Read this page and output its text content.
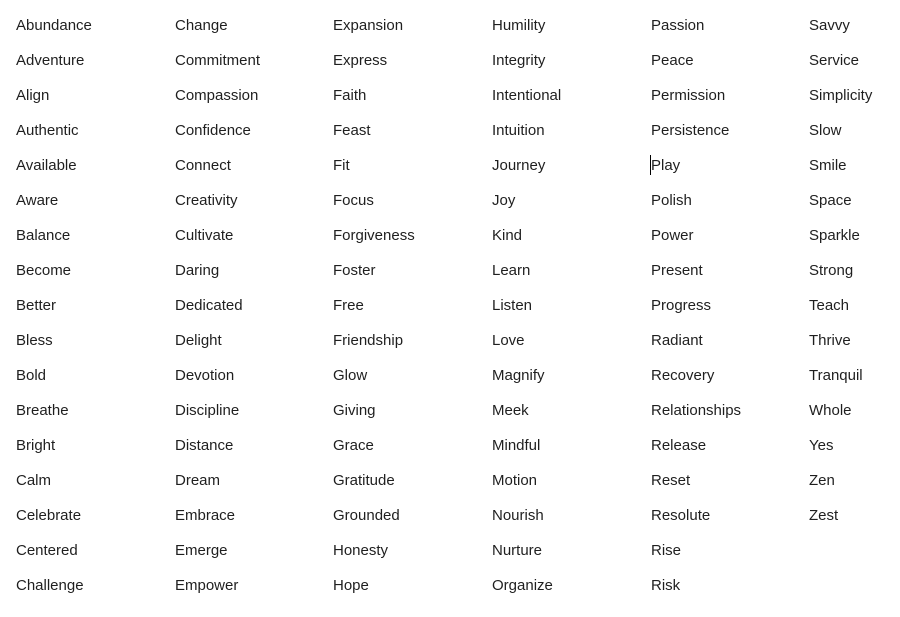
Abundance
Adventure
Align
Authentic
Available
Aware
Balance
Become
Better
Bless
Bold
Breathe
Bright
Calm
Celebrate
Centered
Challenge
Change
Commitment
Compassion
Confidence
Connect
Creativity
Cultivate
Daring
Dedicated
Delight
Devotion
Discipline
Distance
Dream
Embrace
Emerge
Empower
Expansion
Express
Faith
Feast
Fit
Focus
Forgiveness
Foster
Free
Friendship
Glow
Giving
Grace
Gratitude
Grounded
Honesty
Hope
Humility
Integrity
Intentional
Intuition
Journey
Joy
Kind
Learn
Listen
Love
Magnify
Meek
Mindful
Motion
Nourish
Nurture
Organize
Passion
Peace
Permission
Persistence
Play
Polish
Power
Present
Progress
Radiant
Recovery
Relationships
Release
Reset
Resolute
Rise
Risk
Savvy
Service
Simplicity
Slow
Smile
Space
Sparkle
Strong
Teach
Thrive
Tranquil
Whole
Yes
Zen
Zest
